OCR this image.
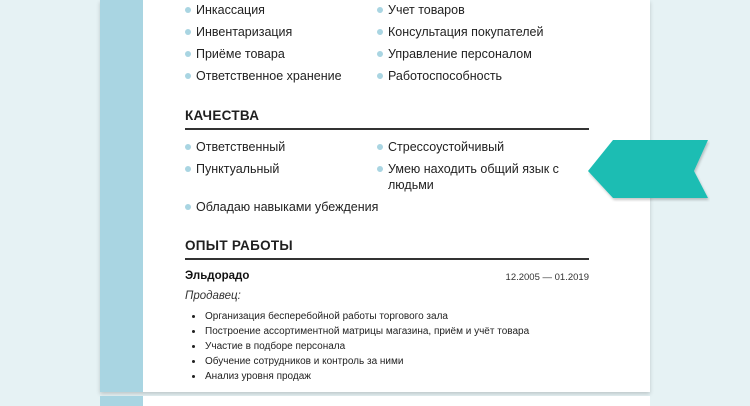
Инкассация
Инвентаризация
Приёме товара
Ответственное хранение
Учет товаров
Консультация покупателей
Управление персоналом
Работоспособность
КАЧЕСТВА
Ответственный
Пунктуальный
Обладаю навыками убеждения
Стрессоустойчивый
Умею находить общий язык с людьми
ОПЫТ РАБОТЫ
Эльдорадо	12.2005 — 01.2019
Продавец:
Организация бесперебойной работы торгового зала
Построение ассортиментной матрицы магазина, приём и учёт товара
Участие в подборе персонала
Обучение сотрудников и контроль за ними
Анализ уровня продаж
